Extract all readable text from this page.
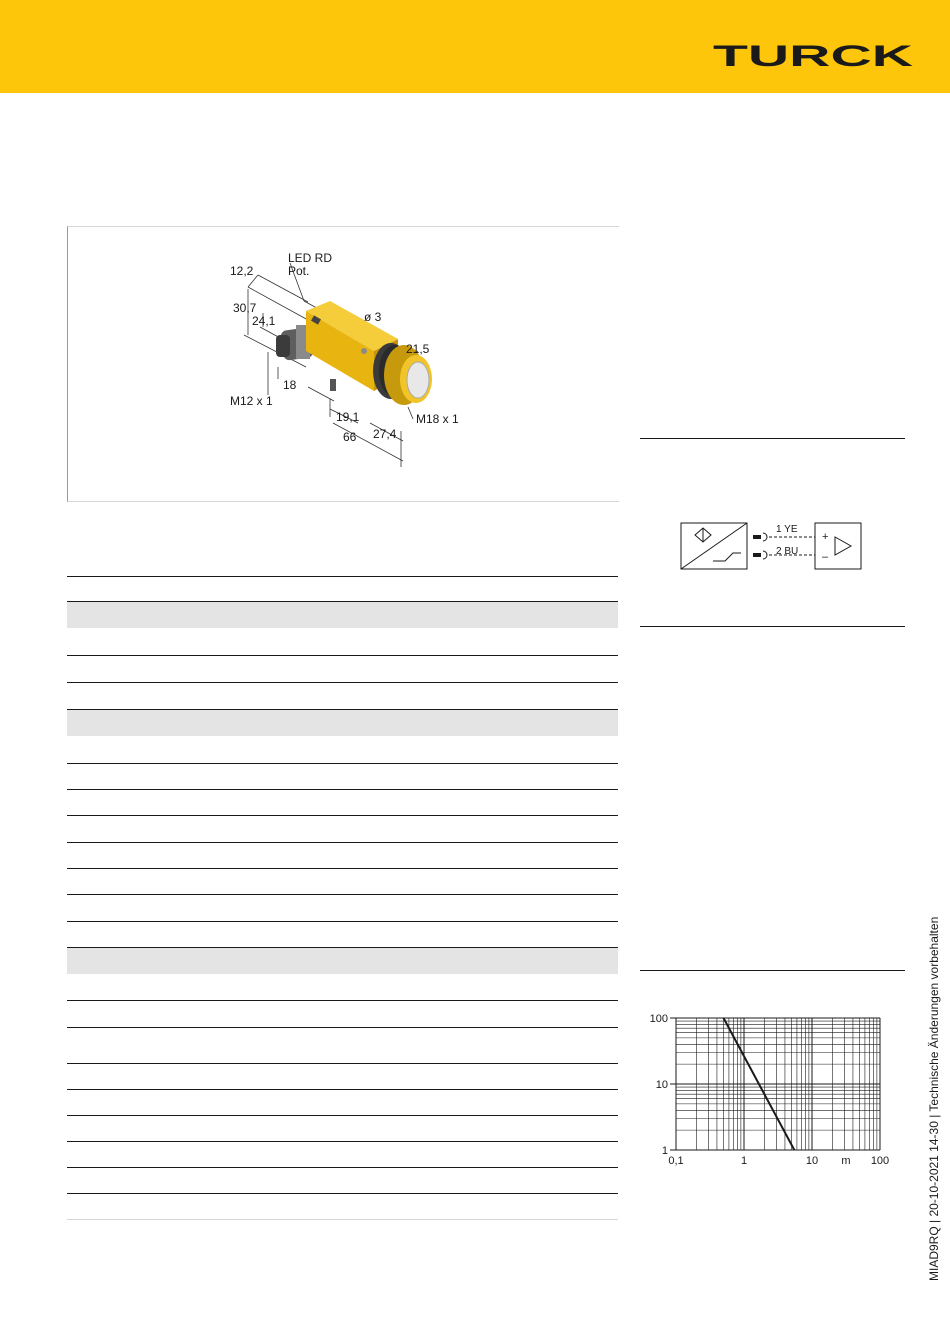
TURCK
LED RD
Pot.
12,2
30,7
24,1	ø 3
21,5
M12 x 1
18
19,1	M18 x 1
66 27,4
1 YE
2 BU
+
–
100
10
1
0,1	1	10 m 100	MIAD9RQ | 20-10-2021 14-30 | Technische Änderungen vorbehalten
